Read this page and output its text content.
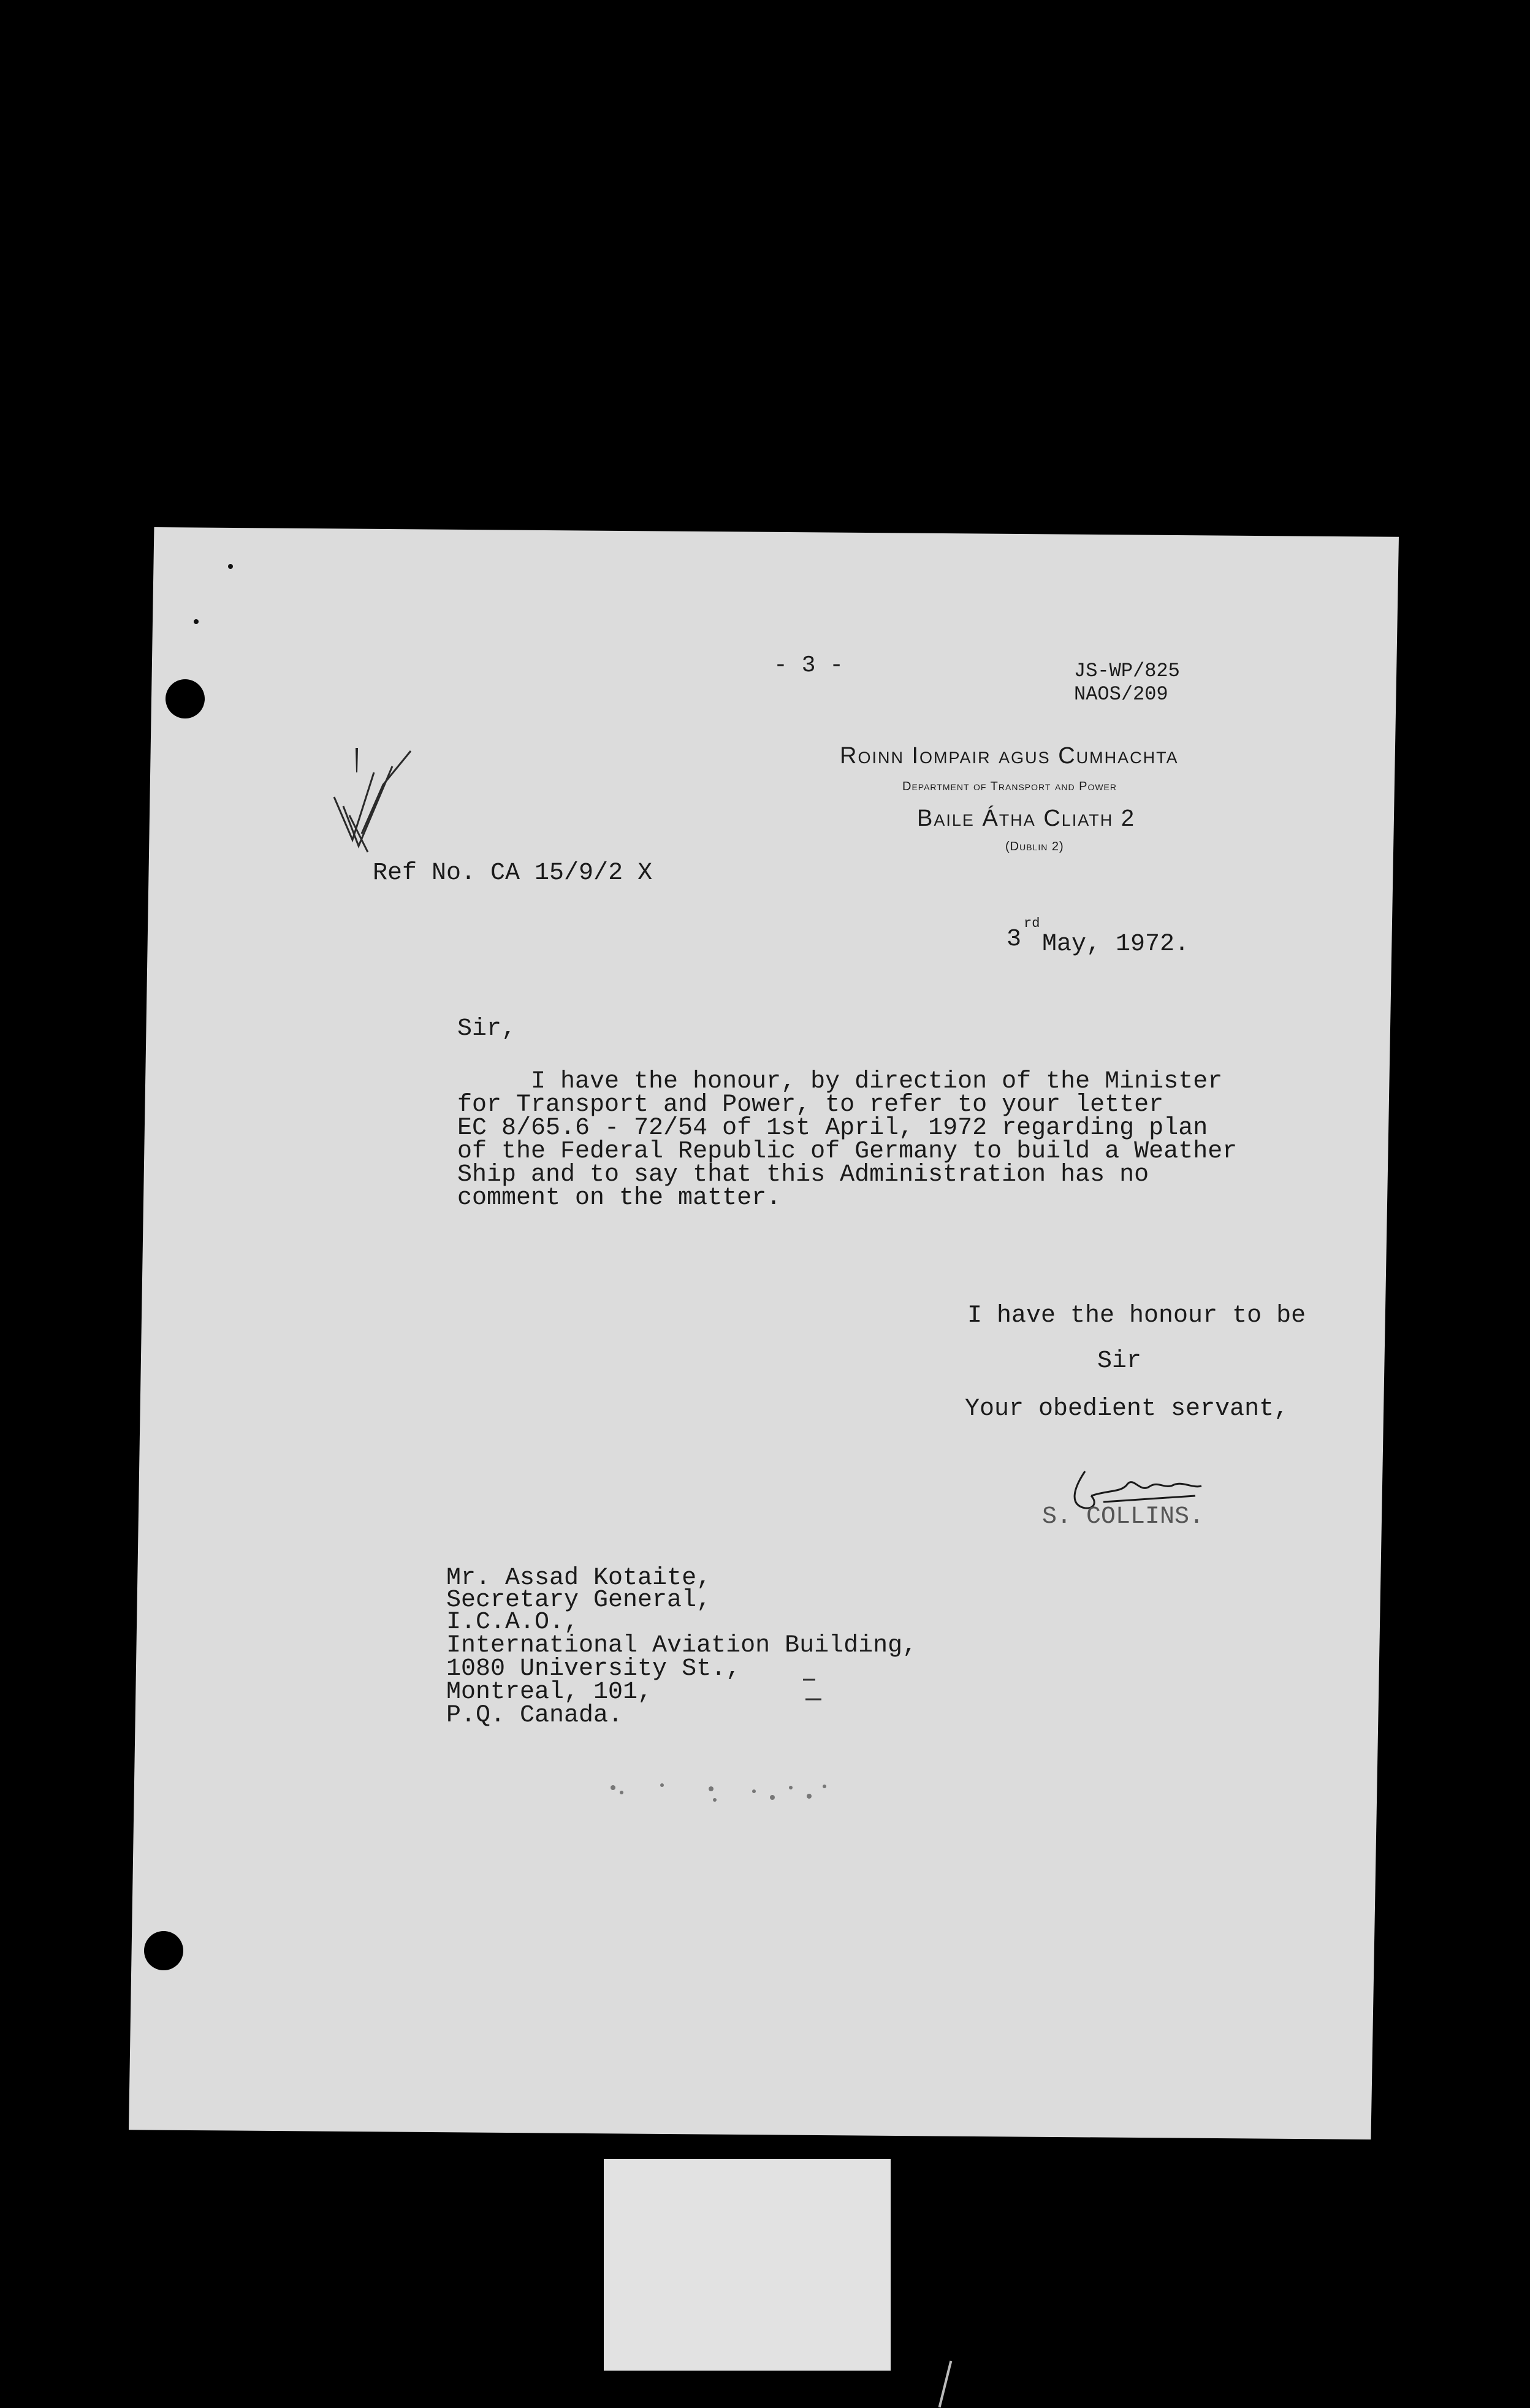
- 3 -	JS-WP/825
NAOS/209
Roinn Iompair agus Cumhachta
Department of Transport and Power
Baile Átha Cliath 2
(Dublin 2)
Ref No. CA 15/9/2 X
3
rd
May, 1972.
Sir,
I have the honour, by direction of the Minister
for Transport and Power, to refer to your letter
EC 8/65.6 - 72/54 of 1st April, 1972 regarding plan
of the Federal Republic of Germany to build a Weather
Ship and to say that this Administration has no
comment on the matter.
I have the honour to be
Sir
Your obedient servant,
S. COLLINS.
Mr. Assad Kotaite,
Secretary General,
I.C.A.O.,
International Aviation Building,
1080 University St.,
Montreal, 101,
P.Q. Canada.
